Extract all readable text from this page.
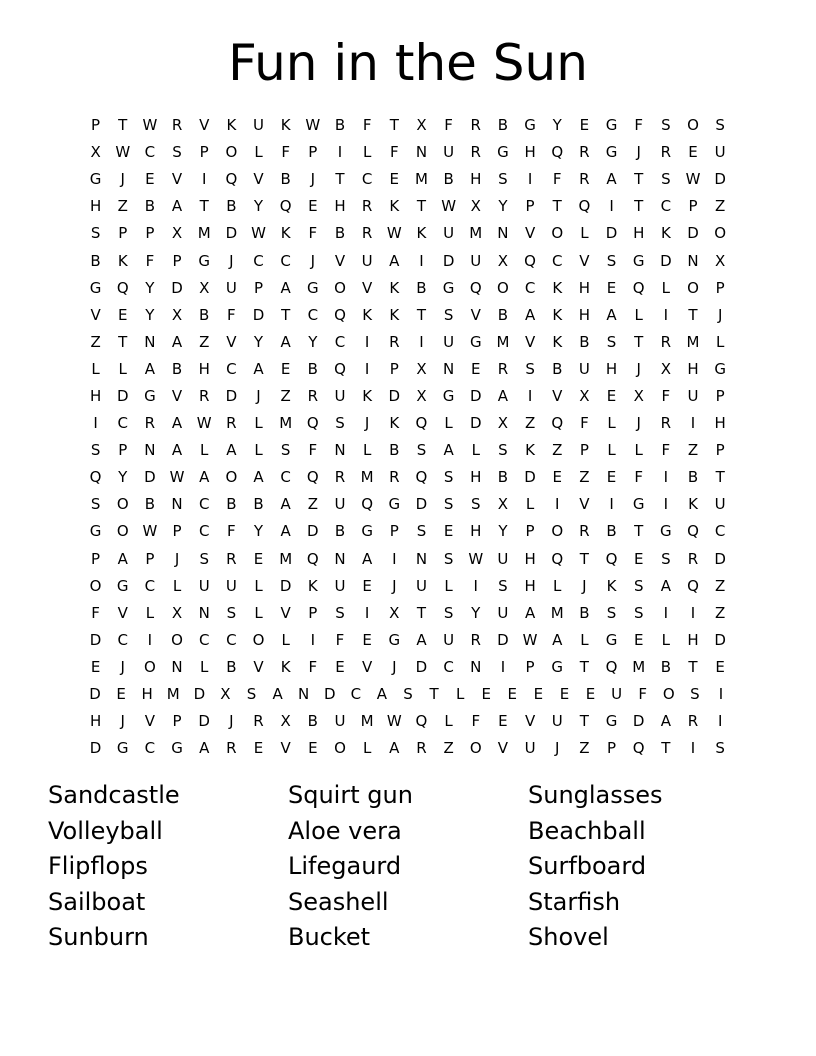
Fun in the Sun
P	T	W R	V	K	U	K W B	F	T	X	F	R	B	G	Y	E	G	F	S	O	S
X W C	S	P	O	L	F	P	I	L	F	N	U	R	G	H	Q	R	G	J	R	E	U
G	J	E	V	I	Q	V	B	J	T	C	E	M	B	H	S	I	F	R	A	T	S W D
H	Z	B	A	T	B	Y	Q	E	H	R	K	T	W X	Y	P	T	Q	I	T	C	P	Z
S	P	P	X	M D W K	F	B	R W K	U	M	N	V	O	L	D	H	K	D	O
B	K	F	P	G	J	C	C	J	V	U	A	I	D	U	X	Q	C	V	S	G	D	N	X
G	Q	Y	D	X	U	P	A	G	O	V	K	B	G	Q	O	C	K	H	E	Q	L	O	P
V	E	Y	X	B	F	D	T	C	Q	K	K	T	S	V	B	A	K	H	A	L	I	T	J
Z	T	N	A	Z	V	Y	A	Y	C	I	R	I	U	G M	V	K	B	S	T	R	M	L
L	L	A	B	H	C	A	E	B	Q	I	P	X	N	E	R	S	B	U	H	J	X	H	G
H	D	G	V	R	D	J	Z	R	U	K	D	X	G	D	A	I	V	X	E	X	F	U	P
I	C	R	A W R	L	M Q	S	J	K	Q	L	D	X	Z	Q	F	L	J	R	I	H
S	P	N	A	L	A	L	S	F	N	L	B	S	A	L	S	K	Z	P	L	L	F	Z	P
Q	Y	D W A	O	A	C	Q	R	M	R	Q	S	H	B	D	E	Z	E	F	I	B	T
S	O	B	N	C	B	B	A	Z	U	Q	G	D	S	S	X	L	I	V	I	G	I	K	U
G	O W	P	C	F	Y	A	D	B	G	P	S	E	H	Y	P	O	R	B	T	G	Q	C
P	A	P	J	S	R	E	M Q	N	A	I	N	S W U	H	Q	T	Q	E	S	R	D
O	G	C	L	U	U	L	D	K	U	E	J	U	L	I	S	H	L	J	K	S	A	Q	Z
F	V	L	X	N	S	L	V	P	S	I	X	T	S	Y	U	A	M	B	S	S	I	I	Z
D	C	I	O	C	C	O	L	I	F	E	G	A	U	R	D W A	L	G	E	L	H	D
E	J	O	N	L	B	V	K	F	E	V	J	D	C	N	I	P	G	T	Q M	B	T	E
D	E	H M D	X	S	A	N D	C	A	S	T	L	E	E	E	E	E	U	F	O	S	I
H	J	V	P	D	J	R	X	B	U	M W Q	L	F	E	V	U	T	G	D	A	R	I
D	G	C	G	A	R	E	V	E	O	L	A	R	Z	O	V	U	J	Z	P	Q	T	I	S
Sandcastle
Volleyball
Flipflops
Sailboat
Sunburn
Squirt gun
Aloe vera
Lifegaurd
Seashell
Bucket
Sunglasses
Beachball
Surfboard
Starfish
Shovel
